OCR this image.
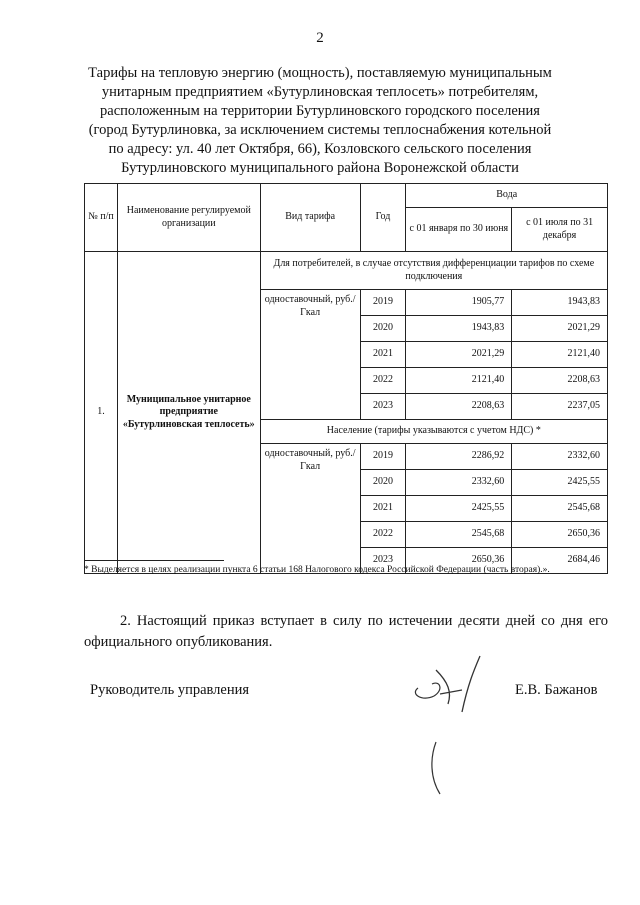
2
Тарифы на тепловую энергию (мощность), поставляемую муниципальным унитарным предприятием «Бутурлиновская теплосеть» потребителям, расположенным на территории Бутурлиновского городского поселения (город Бутурлиновка, за исключением системы теплоснабжения котельной по адресу: ул. 40 лет Октября, 66), Козловского сельского поселения Бутурлиновского муниципального района Воронежской области
№ п/п	Наименование регулируемой организации	Вид тарифа	Год	Вода	
				с 01 января по 30 июня	с 01 июля по 31 декабря
1.	Муниципальное унитарное предприятие «Бутурлиновская теплосеть»	Для потребителей, в случае отсутствия дифференциации тарифов по схеме подключения			
		одноставочный, руб./Гкал	2019	1905,77	1943,83
			2020	1943,83	2021,29
			2021	2021,29	2121,40
			2022	2121,40	2208,63
			2023	2208,63	2237,05
		Население (тарифы указываются с учетом НДС) *			
		одноставочный, руб./Гкал	2019	2286,92	2332,60
			2020	2332,60	2425,55
			2021	2425,55	2545,68
			2022	2545,68	2650,36
			2023	2650,36	2684,46
* Выделяется в целях реализации пункта 6 статьи 168 Налогового кодекса Российской Федерации (часть вторая).».
2. Настоящий приказ вступает в силу по истечении десяти дней со дня его официального опубликования.
Руководитель управления	Е.В. Бажанов
